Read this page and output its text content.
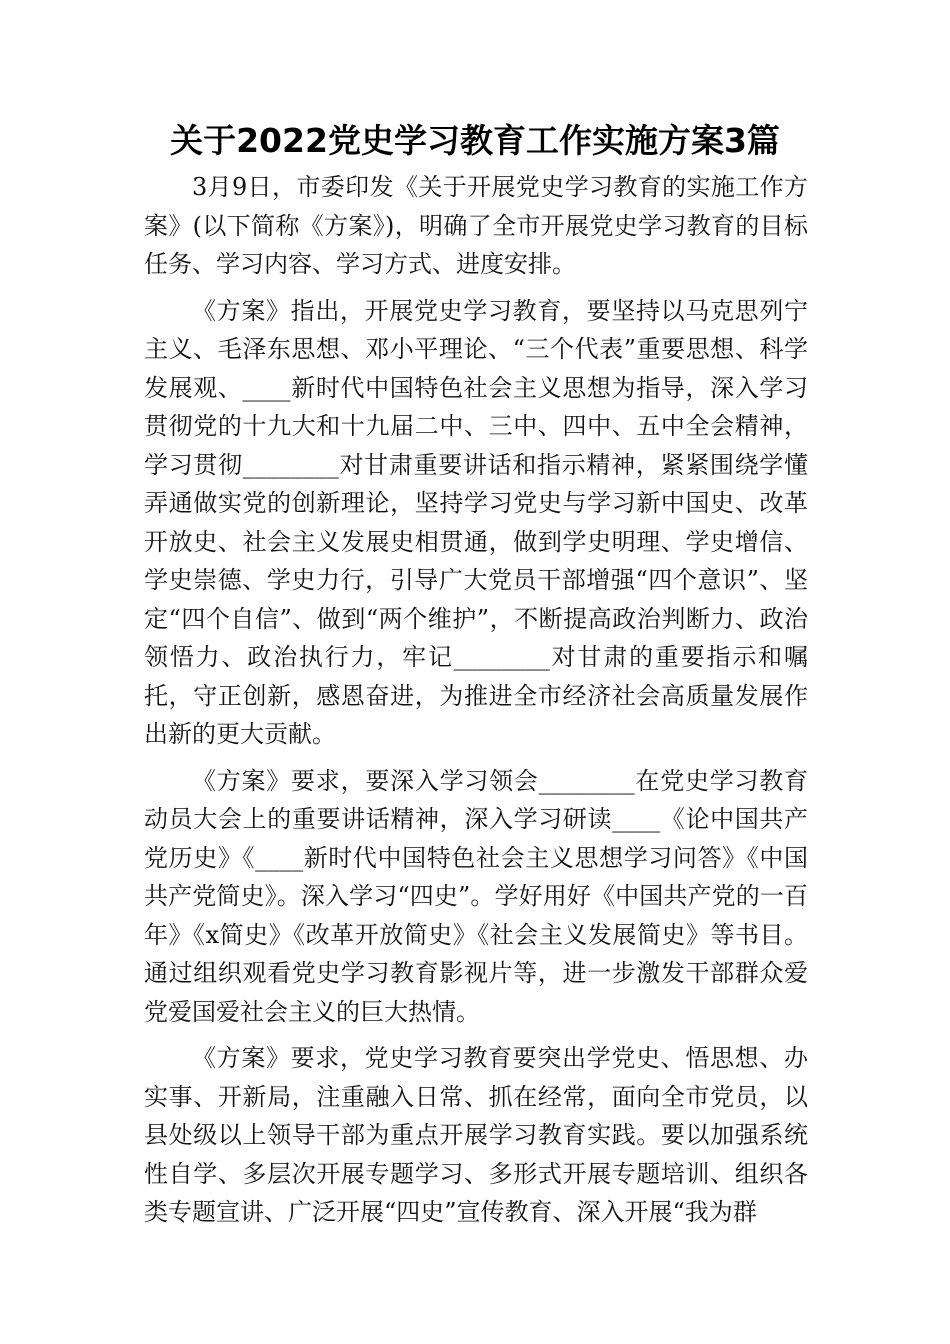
关于2022党史学习教育工作实施方案3篇

3月9日，市委印发《关于开展党史学习教育的实施工作方案》(以下简称《方案》)，明确了全市开展党史学习教育的目标任务、学习内容、学习方式、进度安排。

《方案》指出，开展党史学习教育，要坚持以马克思列宁主义、毛泽东思想、邓小平理论、“三个代表”重要思想、科学发展观、____新时代中国特色社会主义思想为指导，深入学习贯彻党的十九大和十九届二中、三中、四中、五中全会精神，学习贯彻________对甘肃重要讲话和指示精神，紧紧围绕学懂弄通做实党的创新理论，坚持学习党史与学习新中国史、改革开放史、社会主义发展史相贯通，做到学史明理、学史增信、学史崇德、学史力行，引导广大党员干部增强“四个意识”、坚定“四个自信”、做到“两个维护”，不断提高政治判断力、政治领悟力、政治执行力，牢记________对甘肃的重要指示和嘱托，守正创新，感恩奋进，为推进全市经济社会高质量发展作出新的更大贡献。

《方案》要求，要深入学习领会________在党史学习教育动员大会上的重要讲话精神，深入学习研读____《论中国共产党历史》《____新时代中国特色社会主义思想学习问答》《中国共产党简史》。深入学习“四史”。学好用好《中国共产党的一百年》《x简史》《改革开放简史》《社会主义发展简史》等书目。通过组织观看党史学习教育影视片等，进一步激发干部群众爱党爱国爱社会主义的巨大热情。

《方案》要求，党史学习教育要突出学党史、悟思想、办实事、开新局，注重融入日常、抓在经常，面向全市党员，以县处级以上领导干部为重点开展学习教育实践。要以加强系统性自学、多层次开展专题学习、多形式开展专题培训、组织各类专题宣讲、广泛开展“四史”宣传教育、深入开展“我为群
